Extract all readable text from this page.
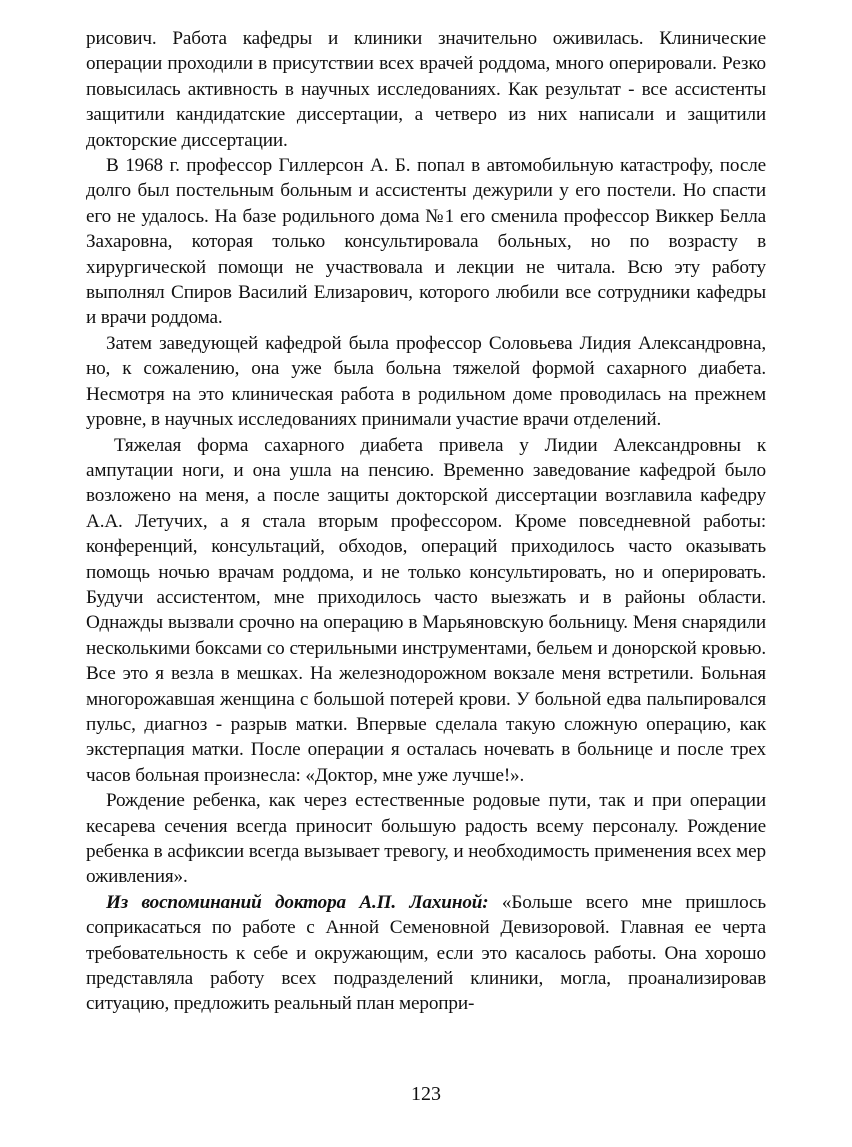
рисович. Работа кафедры и клиники значительно оживилась. Клинические операции проходили в присутствии всех врачей роддома, много оперировали. Резко повысилась активность в научных исследованиях. Как результат - все ассистенты защитили кандидатские диссертации, а четверо из них написали и защитили докторские диссертации.

В 1968 г. профессор Гиллерсон А. Б. попал в автомобильную катастрофу, после долго был постельным больным и ассистенты дежурили у его постели. Но спасти его не удалось. На базе родильного дома №1 его сменила профессор Виккер Белла Захаровна, которая только консультировала больных, но по возрасту в хирургической помощи не участвовала и лекции не читала. Всю эту работу выполнял Спиров Василий Елизарович, которого любили все сотрудники кафедры и врачи роддома.

Затем заведующей кафедрой была профессор Соловьева Лидия Александровна, но, к сожалению, она уже была больна тяжелой формой сахарного диабета. Несмотря на это клиническая работа в родильном доме проводилась на прежнем уровне, в научных исследованиях принимали участие врачи отделений.

Тяжелая форма сахарного диабета привела у Лидии Александровны к ампутации ноги, и она ушла на пенсию. Временно заведование кафедрой было возложено на меня, а после защиты докторской диссертации возглавила кафедру А.А. Летучих, а я стала вторым профессором. Кроме повседневной работы: конференций, консультаций, обходов, операций приходилось часто оказывать помощь ночью врачам роддома, и не только консультировать, но и оперировать. Будучи ассистентом, мне приходилось часто выезжать и в районы области. Однажды вызвали срочно на операцию в Марьяновскую больницу. Меня снарядили несколькими боксами со стерильными инструментами, бельем и донорской кровью. Все это я везла в мешках. На железнодорожном вокзале меня встретили. Больная многорожавшая женщина с большой потерей крови. У больной едва пальпировался пульс, диагноз - разрыв матки. Впервые сделала такую сложную операцию, как экстерпация матки. После операции я осталась ночевать в больнице и после трех часов больная произнесла: «Доктор, мне уже лучше!».

Рождение ребенка, как через естественные родовые пути, так и при операции кесарева сечения всегда приносит большую радость всему персоналу. Рождение ребенка в асфиксии всегда вызывает тревогу, и необходимость применения всех мер оживления».

Из воспоминаний доктора А.П. Лахиной: «Больше всего мне пришлось соприкасаться по работе с Анной Семеновной Девизоровой. Главная ее черта требовательность к себе и окружающим, если это касалось работы. Она хорошо представляла работу всех подразделений клиники, могла, проанализировав ситуацию, предложить реальный план меропри-

123
